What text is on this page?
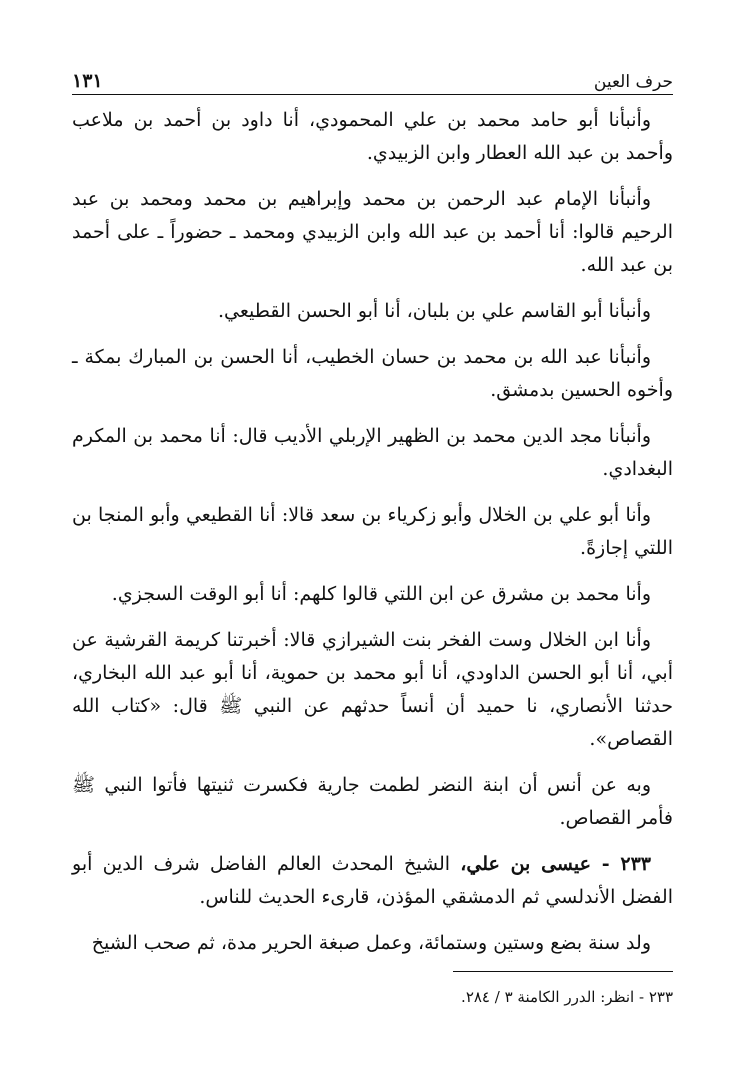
حرف العين
١٣١

وأنبأنا أبو حامد محمد بن علي المحمودي، أنا داود بن أحمد بن ملاعب وأحمد بن عبد الله العطار وابن الزبيدي.

وأنبأنا الإمام عبد الرحمن بن محمد وإبراهيم بن محمد ومحمد بن عبد الرحيم قالوا: أنا أحمد بن عبد الله وابن الزبيدي ومحمد ـ حضوراً ـ على أحمد بن عبد الله.

وأنبأنا أبو القاسم علي بن بلبان، أنا أبو الحسن القطيعي.

وأنبأنا عبد الله بن محمد بن حسان الخطيب، أنا الحسن بن المبارك بمكة ـ وأخوه الحسين بدمشق.

وأنبأنا مجد الدين محمد بن الظهير الإربلي الأديب قال: أنا محمد بن المكرم البغدادي.

وأنا أبو علي بن الخلال وأبو زكرياء بن سعد قالا: أنا القطيعي وأبو المنجا بن اللتي إجازةً.

وأنا محمد بن مشرق عن ابن اللتي قالوا كلهم: أنا أبو الوقت السجزي.

وأنا ابن الخلال وست الفخر بنت الشيرازي قالا: أخبرتنا كريمة القرشية عن أبي، أنا أبو الحسن الداودي، أنا أبو محمد بن حموية، أنا أبو عبد الله البخاري، حدثنا الأنصاري، نا حميد أن أنساً حدثهم عن النبي ﷺ قال: «كتاب الله القصاص».

وبه عن أنس أن ابنة النضر لطمت جارية فكسرت ثنيتها فأتوا النبي ﷺ فأمر القصاص.

٢٣٣ - عيسى بن علي، الشيخ المحدث العالم الفاضل شرف الدين أبو الفضل الأندلسي ثم الدمشقي المؤذن، قارىء الحديث للناس.

ولد سنة بضع وستين وستمائة، وعمل صبغة الحرير مدة، ثم صحب الشيخ

٢٣٣ - انظر: الدرر الكامنة ٣ / ٢٨٤.
